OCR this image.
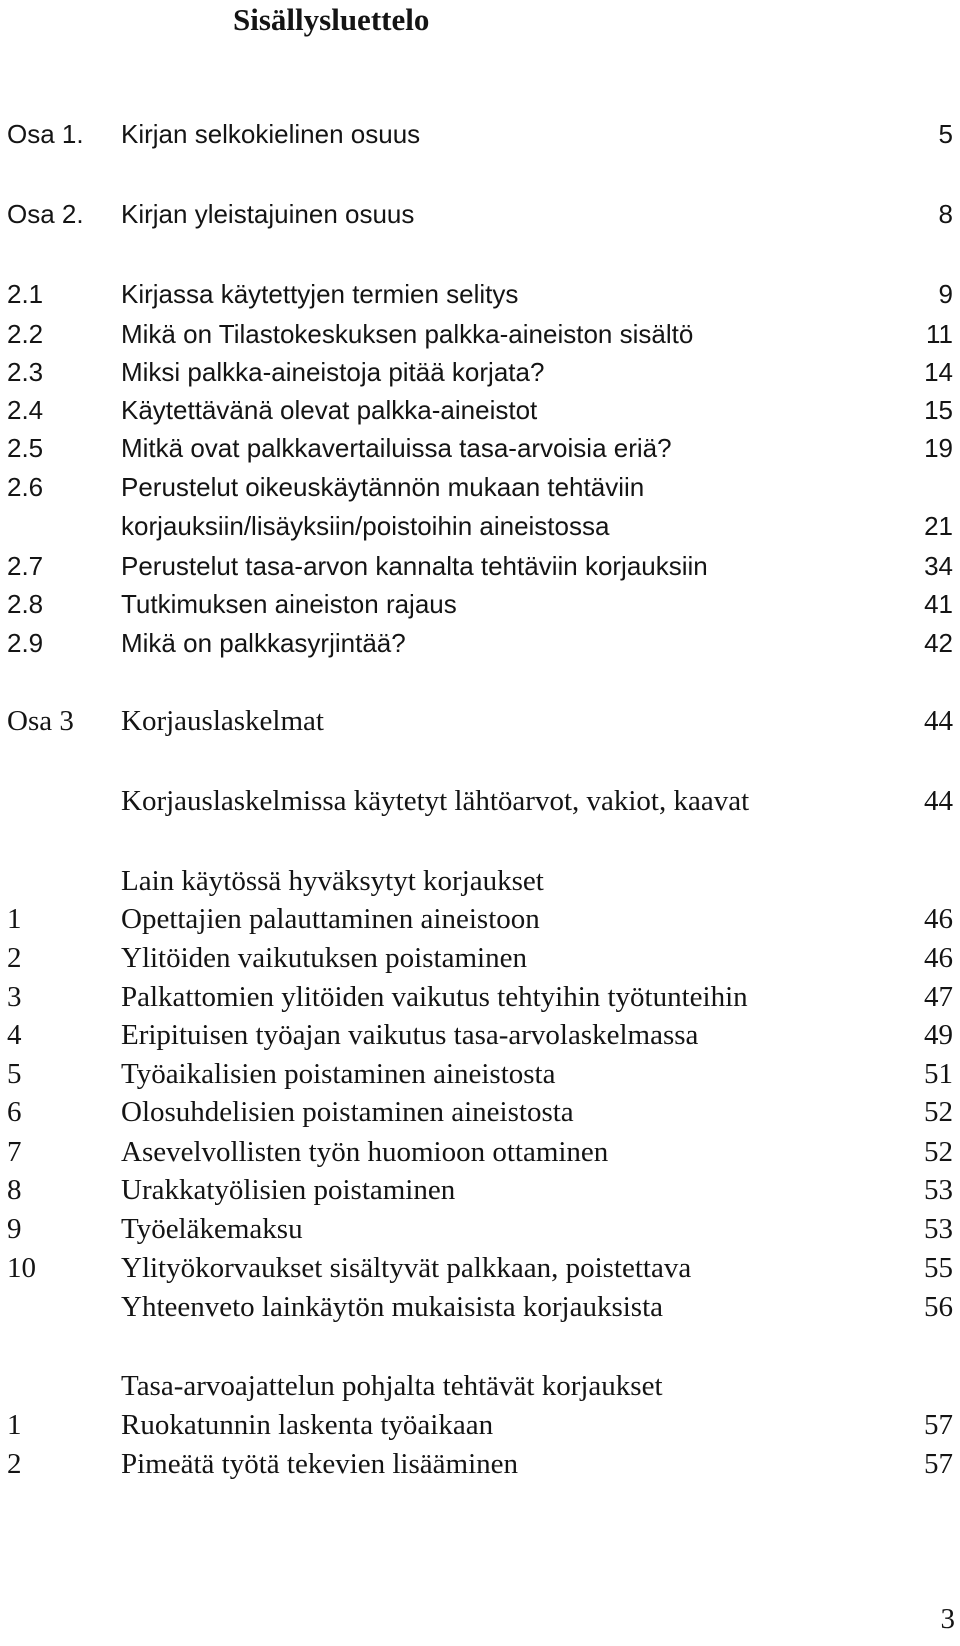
Sisällysluettelo
Osa 1. Kirjan selkokielinen osuus	5
Osa 2. Kirjan yleistajuinen osuus	8
2.1	Kirjassa käytettyjen termien selitys	9
2.2	Mikä on Tilastokeskuksen palkka-aineiston sisältö	11
2.3	Miksi palkka-aineistoja pitää korjata?	14
2.4	Käytettävänä olevat palkka-aineistot	15
2.5	Mitkä ovat palkkavertailuissa tasa-arvoisia eriä?	19
2.6	Perustelut oikeuskäytännön mukaan tehtäviin
korjauksiin/lisäyksiin/poistoihin aineistossa	21
2.7	Perustelut tasa-arvon kannalta tehtäviin korjauksiin	34
2.8	Tutkimuksen aineiston rajaus	41
2.9	Mikä on palkkasyrjintää?	42
Osa 3 Korjauslaskelmat	44
Korjauslaskelmissa käytetyt lähtöarvot, vakiot, kaavat	44
Lain käytössä hyväksytyt korjaukset
1	Opettajien palauttaminen aineistoon	46
2	Ylitöiden vaikutuksen poistaminen	46
3	Palkattomien ylitöiden vaikutus tehtyihin työtunteihin	47
4	Eripituisen työajan vaikutus tasa-arvolaskelmassa	49
5	Työaikalisien poistaminen aineistosta	51
6	Olosuhdelisien poistaminen aineistosta	52
7	Asevelvollisten työn huomioon ottaminen	52
8	Urakkatyölisien poistaminen	53
9	Työeläkemaksu	53
10	Ylityökorvaukset sisältyvät palkkaan, poistettava	55
Yhteenveto lainkäytön mukaisista korjauksista	56
Tasa-arvoajattelun pohjalta tehtävät korjaukset
1	Ruokatunnin laskenta työaikaan	57
2	Pimeätä työtä tekevien lisääminen	57
3
